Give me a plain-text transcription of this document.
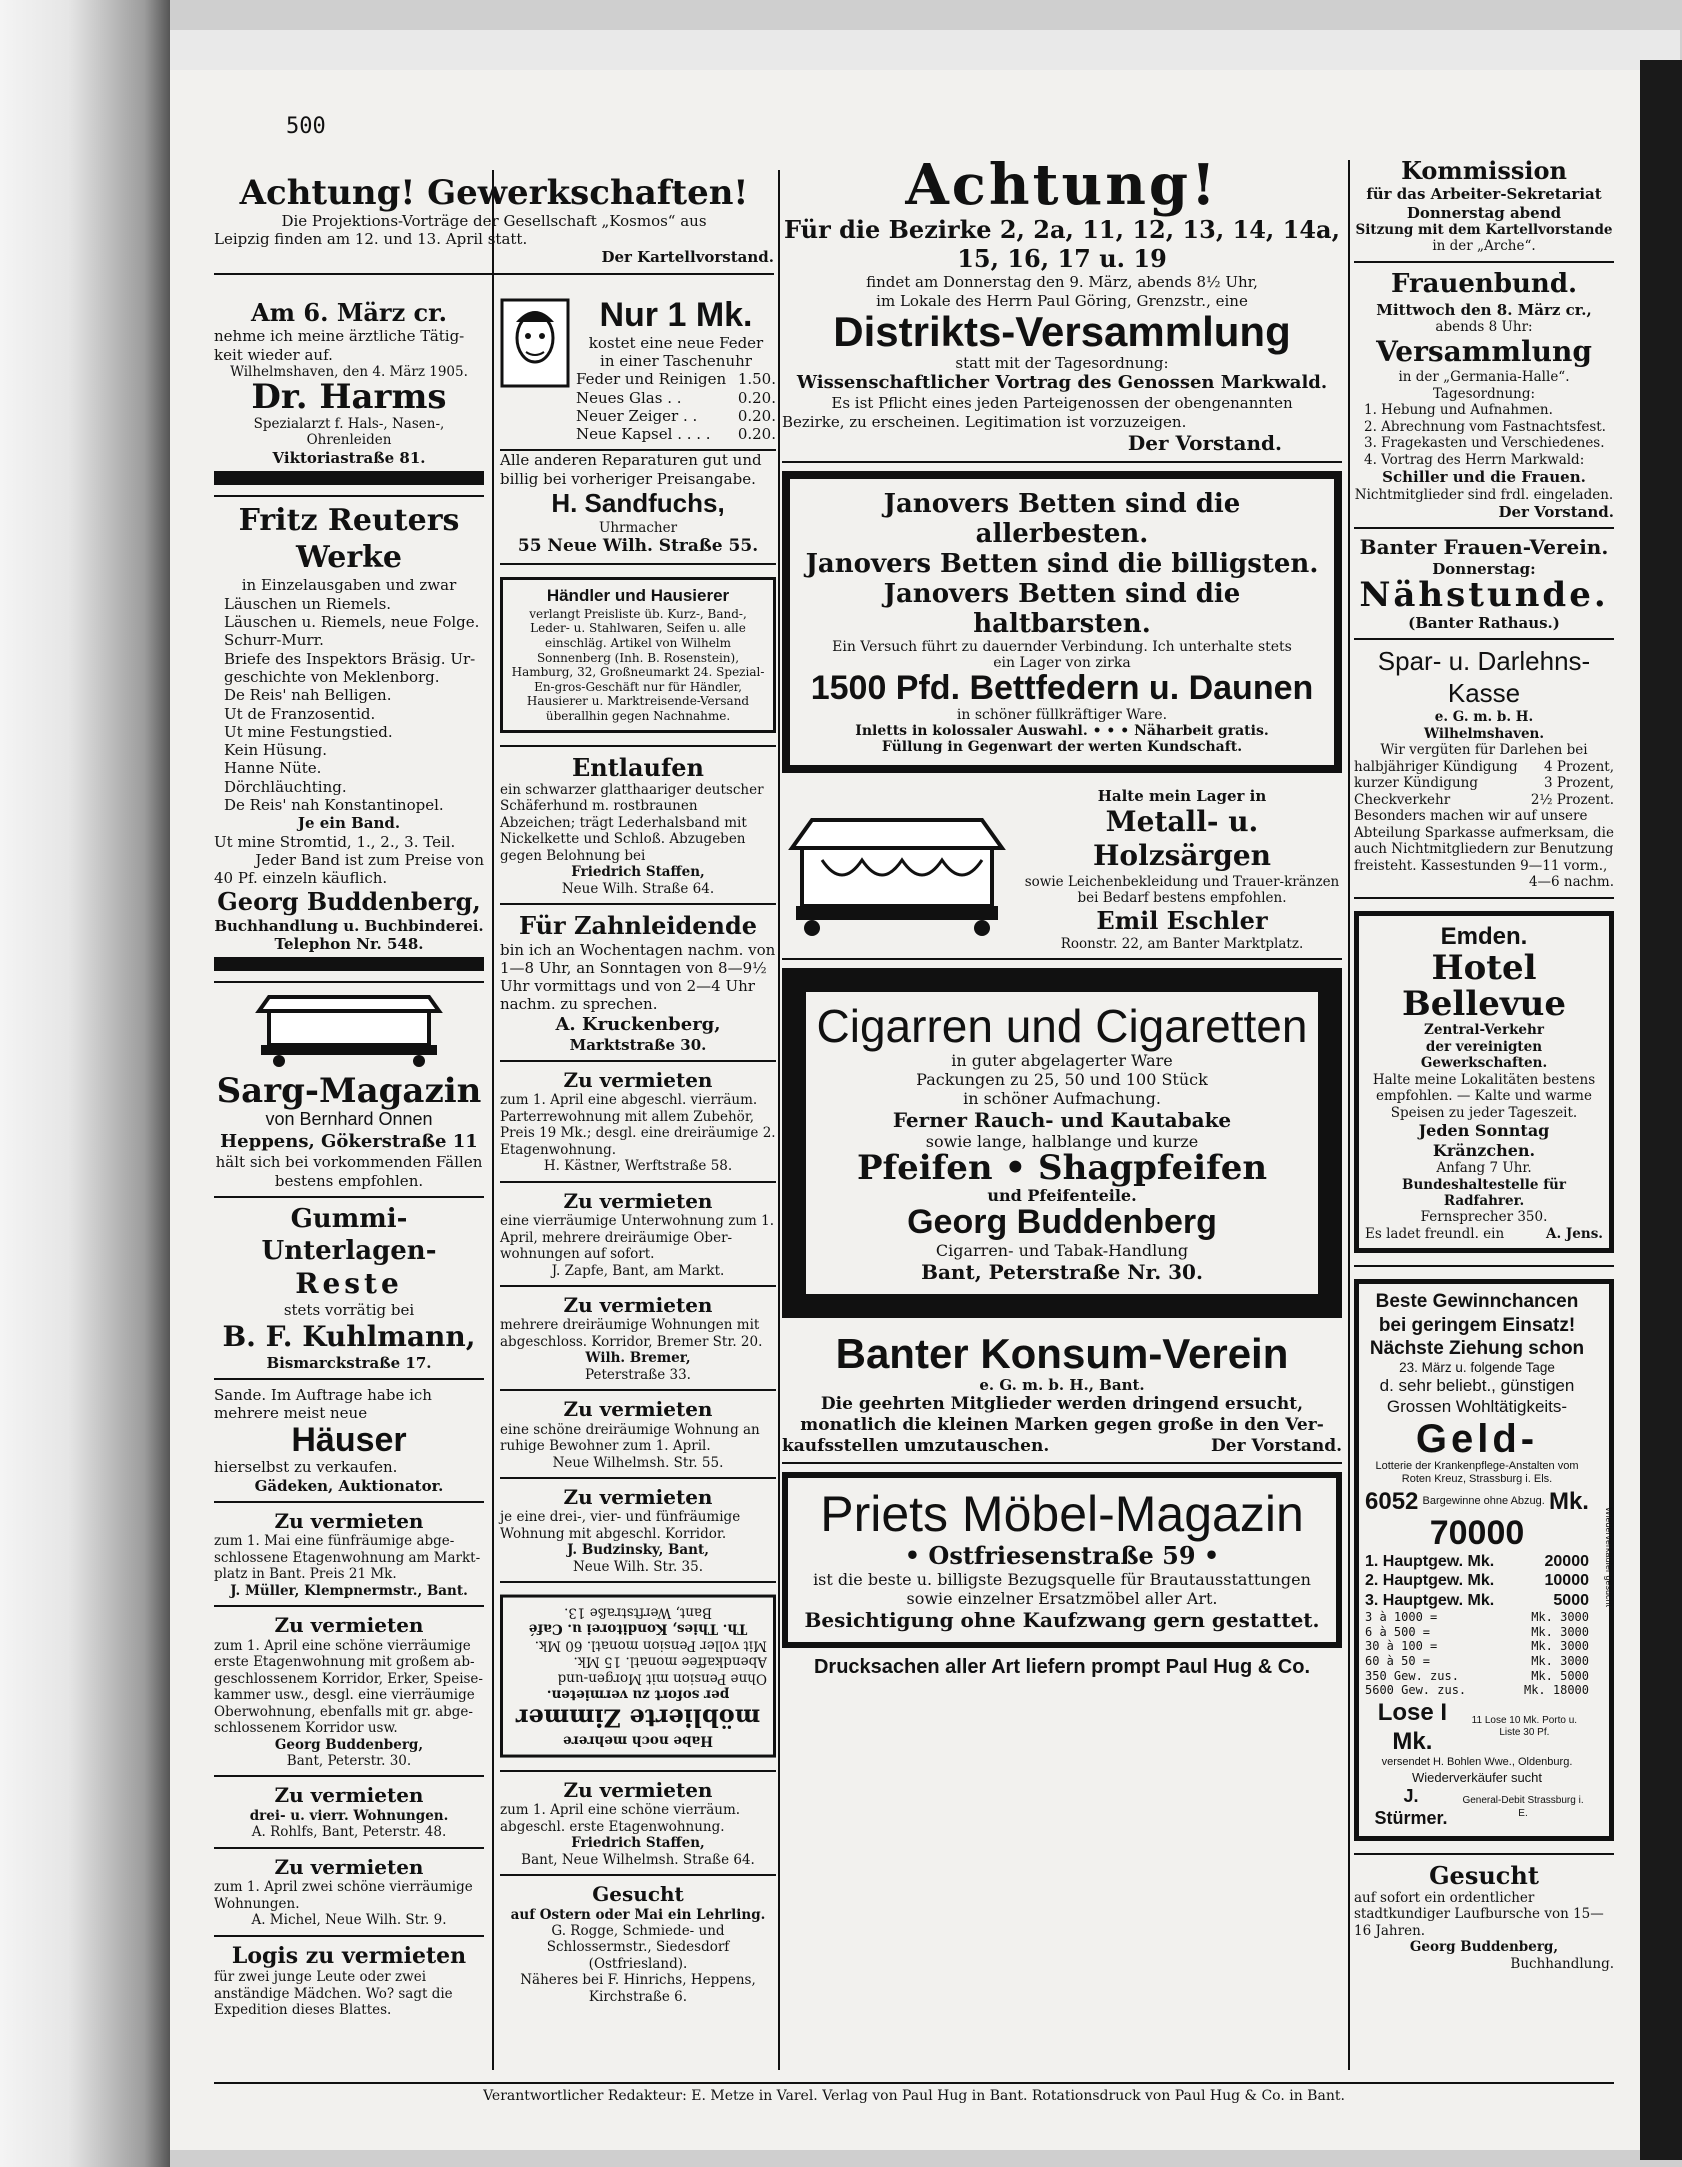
500
Achtung! Gewerkschaften!
Die Projektions-Vorträge der Gesellschaft „Kosmos“ aus
Leipzig finden am 12. und 13. April statt.
Der Kartellvorstand.
Am 6. März cr.
nehme ich meine ärztliche Tätig-
keit wieder auf.
Wilhelmshaven, den 4. März 1905.
Dr. Harms
Spezialarzt f. Hals-, Nasen-, Ohrenleiden
Viktoriastraße 81.
Fritz Reuters Werke
in Einzelausgaben und zwar
Läuschen un Riemels.
Läuschen u. Riemels, neue Folge.
Schurr-Murr.
Briefe des Inspektors Bräsig. Ur-
geschichte von Meklenborg.
De Reis' nah Belligen.
Ut de Franzosentid.
Ut mine Festungstied.
Kein Hüsung.
Hanne Nüte.
Dörchläuchting.
De Reis' nah Konstantinopel.
Je ein Band.
Ut mine Stromtid, 1., 2., 3. Teil.
Jeder Band ist zum Preise von
40 Pf. einzeln käuflich.
Georg Buddenberg,
Buchhandlung u. Buchbinderei.
Telephon Nr. 548.
Sarg-Magazin
von Bernhard Onnen
Heppens, Gökerstraße 11
hält sich bei vorkommenden Fällen
bestens empfohlen.
Gummi-Unterlagen-
Reste
stets vorrätig bei
B. F. Kuhlmann,
Bismarckstraße 17.
Sande. Im Auftrage habe ich
mehrere meist neue
Häuser
hierselbst zu verkaufen.
Gädeken, Auktionator.
Zu vermieten
zum 1. Mai eine fünfräumige abge-schlossene Etagenwohnung am Markt-platz in Bant. Preis 21 Mk.
J. Müller, Klempnermstr., Bant.
Zu vermieten
zum 1. April eine schöne vierräumige erste Etagenwohnung mit großem ab-geschlossenem Korridor, Erker, Speise-kammer usw., desgl. eine vierräumige Oberwohnung, ebenfalls mit gr. abge-schlossenem Korridor usw.
Georg Buddenberg,
Bant, Peterstr. 30.
Zu vermieten
drei- u. vierr. Wohnungen.
A. Rohlfs, Bant, Peterstr. 48.
Zu vermieten
zum 1. April zwei schöne vierräumige Wohnungen.
A. Michel, Neue Wilh. Str. 9.
Logis zu vermieten
für zwei junge Leute oder zwei anständige Mädchen. Wo? sagt die Expedition dieses Blattes.
Nur 1 Mk.
kostet eine neue Feder
in einer Taschenuhr
Feder und Reinigen 1.50.
Neues Glas . .	0.20.
Neuer Zeiger . .	0.20.
Neue Kapsel . . . . 0.20.
Alle anderen Reparaturen gut und billig bei vorheriger Preisangabe.
H. Sandfuchs,
Uhrmacher
55 Neue Wilh. Straße 55.
Händler und Hausierer
verlangt Preisliste üb. Kurz-, Band-, Leder- u. Stahlwaren, Seifen u. alle einschläg. Artikel von Wilhelm Sonnenberg (Inh. B. Rosenstein), Hamburg, 32, Großneumarkt 24. Spezial-En-gros-Geschäft nur für Händler, Hausierer u. Marktreisende-Versand überallhin gegen Nachnahme.
Entlaufen
ein schwarzer glatthaariger deutscher Schäferhund m. rostbraunen Abzeichen; trägt Lederhalsband mit Nickelkette und Schloß. Abzugeben gegen Belohnung bei
Friedrich Staffen,
Neue Wilh. Straße 64.
Für Zahnleidende
bin ich an Wochentagen nachm. von 1—8 Uhr, an Sonntagen von 8—9½ Uhr vormittags und von 2—4 Uhr nachm. zu sprechen.
A. Kruckenberg,
Marktstraße 30.
Zu vermieten
zum 1. April eine abgeschl. vierräum. Parterrewohnung mit allem Zubehör, Preis 19 Mk.; desgl. eine dreiräumige 2. Etagenwohnung.
H. Kästner, Werftstraße 58.
Zu vermieten
eine vierräumige Unterwohnung zum 1. April, mehrere dreiräumige Ober-wohnungen auf sofort.
J. Zapfe, Bant, am Markt.
Zu vermieten
mehrere dreiräumige Wohnungen mit abgeschloss. Korridor, Bremer Str. 20.
Wilh. Bremer,
Peterstraße 33.
Zu vermieten
eine schöne dreiräumige Wohnung an ruhige Bewohner zum 1. April.
Neue Wilhelmsh. Str. 55.
Zu vermieten
je eine drei-, vier- und fünfräumige Wohnung mit abgeschl. Korridor.
J. Budzinsky, Bant,
Neue Wilh. Str. 35.
Habe noch mehrere
möblierte Zimmer
per sofort zu vermieten.
Ohne Pension mit Morgen-und Abendkaffee monatl. 15 Mk.
Mit voller Pension monatl. 60 Mk.
Th. Thies, Konditorei u. Café
Bant, Werftstraße 13.
Zu vermieten
zum 1. April eine schöne vierräum. abgeschl. erste Etagenwohnung.
Friedrich Staffen,
Bant, Neue Wilhelmsh. Straße 64.
Gesucht
auf Ostern oder Mai ein Lehrling.
G. Rogge, Schmiede- und Schlossermstr., Siedesdorf (Ostfriesland).
Näheres bei F. Hinrichs, Heppens, Kirchstraße 6.
Achtung!
Für die Bezirke 2, 2a, 11, 12, 13, 14, 14a, 15, 16, 17 u. 19
findet am Donnerstag den 9. März, abends 8½ Uhr,
im Lokale des Herrn Paul Göring, Grenzstr., eine
Distrikts-Versammlung
statt mit der Tagesordnung:
Wissenschaftlicher Vortrag des Genossen Markwald.
Es ist Pflicht eines jeden Parteigenossen der obengenannten
Bezirke, zu erscheinen. Legitimation ist vorzuzeigen.
Der Vorstand.
Janovers Betten sind die allerbesten.
Janovers Betten sind die billigsten.
Janovers Betten sind die haltbarsten.
Ein Versuch führt zu dauernder Verbindung. Ich unterhalte stets
ein Lager von zirka
1500 Pfd. Bettfedern u. Daunen
in schöner füllkräftiger Ware.
Inletts in kolossaler Auswahl. • • • Näharbeit gratis.
Füllung in Gegenwart der werten Kundschaft.
Halte mein Lager in
Metall- u. Holzsärgen
sowie Leichenbekleidung und Trauer-kränzen bei Bedarf bestens empfohlen.
Emil Eschler
Roonstr. 22, am Banter Marktplatz.
Cigarren und Cigaretten
in guter abgelagerter Ware
Packungen zu 25, 50 und 100 Stück
in schöner Aufmachung.
Ferner Rauch- und Kautabake
sowie lange, halblange und kurze
Pfeifen • Shagpfeifen
und Pfeifenteile.
Georg Buddenberg
Cigarren- und Tabak-Handlung
Bant, Peterstraße Nr. 30.
Banter Konsum-Verein
e. G. m. b. H., Bant.
Die geehrten Mitglieder werden dringend ersucht,
monatlich die kleinen Marken gegen große in den Ver-
kaufsstellen umzutauschen.	Der Vorstand.
Priets Möbel-Magazin
• Ostfriesenstraße 59 •
ist die beste u. billigste Bezugsquelle für Brautausstattungen
sowie einzelner Ersatzmöbel aller Art.
Besichtigung ohne Kaufzwang gern gestattet.
Drucksachen aller Art liefern prompt Paul Hug & Co.
Kommission
für das Arbeiter-Sekretariat
Donnerstag abend
Sitzung mit dem Kartellvorstande
in der „Arche“.
Frauenbund.
Mittwoch den 8. März cr.,
abends 8 Uhr:
Versammlung
in der „Germania-Halle“.
Tagesordnung:
1. Hebung und Aufnahmen.
2. Abrechnung vom Fastnachtsfest.
3. Fragekasten und Verschiedenes.
4. Vortrag des Herrn Markwald:
Schiller und die Frauen.
Nichtmitglieder sind frdl. eingeladen.
Der Vorstand.
Banter Frauen-Verein.
Donnerstag:
Nähstunde.
(Banter Rathaus.)
Spar- u. Darlehns-Kasse
e. G. m. b. H.
Wilhelmshaven.
Wir vergüten für Darlehen bei
halbjähriger Kündigung 4 Prozent,
kurzer Kündigung	3 Prozent,
Checkverkehr	2½ Prozent.
Besonders machen wir auf unsere Abteilung Sparkasse aufmerksam, die auch Nichtmitgliedern zur Benutzung freisteht. Kassestunden 9—11 vorm.,
4—6 nachm.
Emden.
Hotel Bellevue
Zentral-Verkehr
der vereinigten Gewerkschaften.
Halte meine Lokalitäten bestens empfohlen. — Kalte und warme Speisen zu jeder Tageszeit.
Jeden Sonntag Kränzchen.
Anfang 7 Uhr.
Bundeshaltestelle für Radfahrer.
Fernsprecher 350.
Es ladet freundl. ein	A. Jens.
Beste Gewinnchancen
bei geringem Einsatz!
Nächste Ziehung schon
23. März u. folgende Tage
d. sehr beliebt., günstigen
Grossen Wohltätigkeits-
Geld-
Lotterie der Krankenpflege-Anstalten vom Roten Kreuz, Strassburg i. Els.
6052 Bargewinne ohne Abzug. Mk.
70000
1. Hauptgew. Mk.	20000
2. Hauptgew. Mk.	10000
3. Hauptgew. Mk.	5000
3 à 1000 =	Mk. 3000
6 à 500 =	Mk. 3000
30 à 100 =	Mk. 3000
60 à 50 =	Mk. 3000
350 Gew. zus.	Mk. 5000
5600 Gew. zus.	Mk. 18000
Lose I Mk.
11 Lose 10 Mk. Porto u. Liste 30 Pf.
versendet H. Bohlen Wwe., Oldenburg.
Wiederverkäufer sucht
J. Stürmer.
General-Debit Strassburg i. E.
Wiederverkäufer gesucht
Gesucht
auf sofort ein ordentlicher stadtkundiger Laufbursche von 15—16 Jahren.
Georg Buddenberg,
Buchhandlung.
Verantwortlicher Redakteur: E. Metze in Varel. Verlag von Paul Hug in Bant. Rotationsdruck von Paul Hug & Co. in Bant.
